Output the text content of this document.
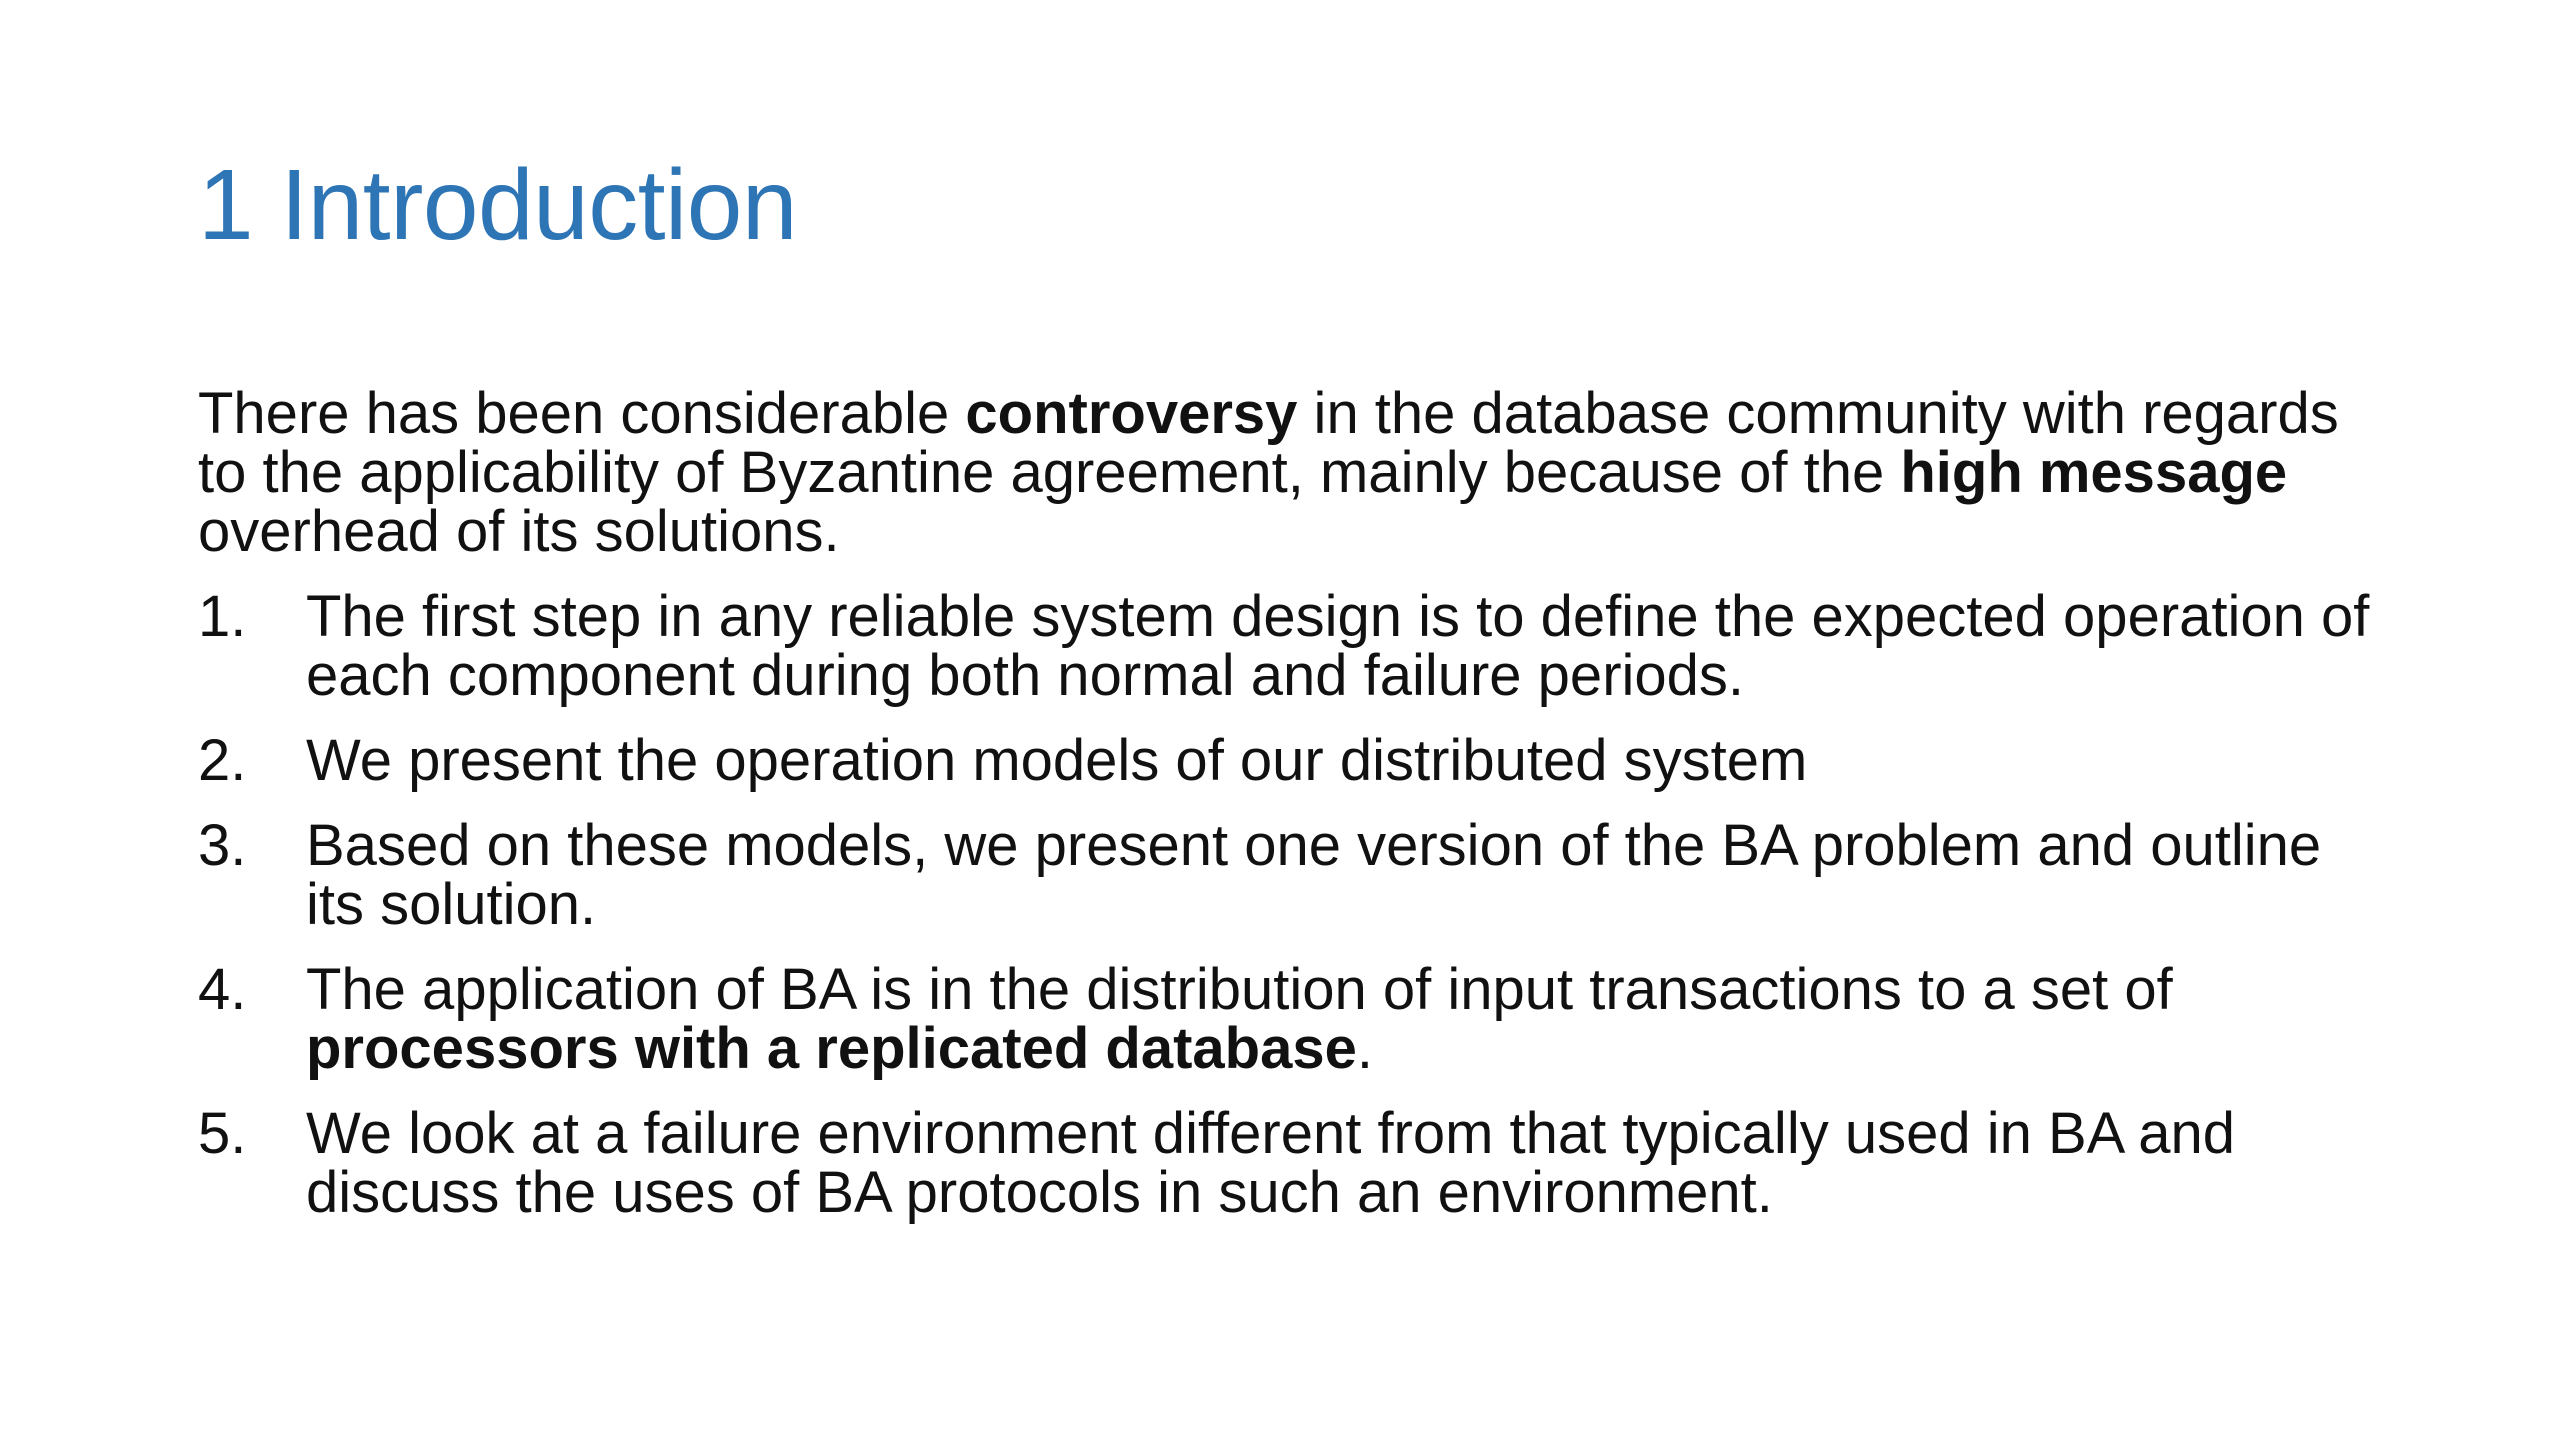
1 Introduction

There has been considerable controversy in the database community with regards to the applicability of Byzantine agreement, mainly because of the high message overhead of its solutions.

1. The first step in any reliable system design is to define the expected operation of each component during both normal and failure periods.
2. We present the operation models of our distributed system
3. Based on these models, we present one version of the BA problem and outline its solution.
4. The application of BA is in the distribution of input transactions to a set of processors with a replicated database.
5. We look at a failure environment different from that typically used in BA and discuss the uses of BA protocols in such an environment.
